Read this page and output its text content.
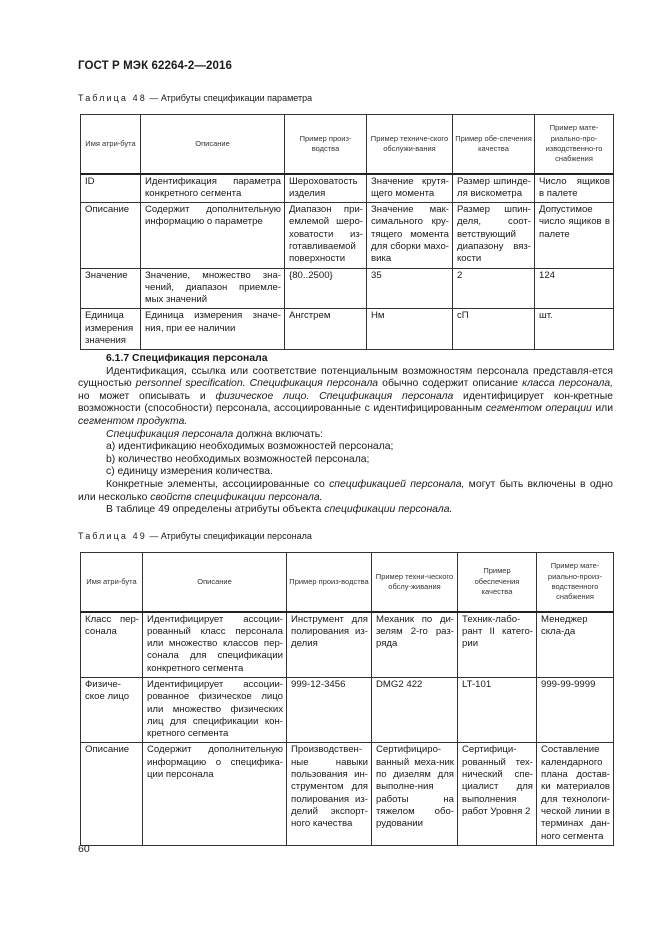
ГОСТ Р МЭК 62264-2—2016
Таблица 48 — Атрибуты спецификации параметра
Имя атри-бута	Описание	Пример произ-водства	Пример техниче-ского обслужи-вания	Пример обе-спечения качества	Пример мате-риально-про-изводственно-го снабжения
ID	Идентификация параметра конкретного сегмента	Шероховатость изделия	Значение крутя-щего момента	Размер шпинде-ля вискометра	Число ящиков в палете
Описание	Содержит дополнительную информацию о параметре	Диапазон при-емлемой шеро-ховатости из-готавливаемой поверхности	Значение мак-симального кру-тящего момента для сборки махо-вика	Размер шпин-деля, соот-ветствующий диапазону вяз-кости	Допустимое число ящиков в палете
Значение	Значение, множество зна-чений, диапазон приемле-мых значений	{80..2500}	35	2	124
Единица измерения значения	Единица измерения значе-ния, при ее наличии	Ангстрем	Нм	сП	шт.

6.1.7 Спецификация персонала

Идентификация, ссылка или соответствие потенциальным возможностям персонала представля-ется сущностью personnel specification. Спецификация персонала обычно содержит описание класса персонала, но может описывать и физическое лицо. Спецификация персонала идентифицирует кон-кретные возможности (способности) персонала, ассоциированные с идентифицированным сегментом операции или сегментом продукта.

Спецификация персонала должна включать:

a) идентификацию необходимых возможностей персонала;

b) количество необходимых возможностей персонала;

c) единицу измерения количества.

Конкретные элементы, ассоциированные со спецификацией персонала, могут быть включены в одно или несколько свойств спецификации персонала.

В таблице 49 определены атрибуты объекта спецификации персонала.

Таблица 49 — Атрибуты спецификации персонала
Имя атри-бута	Описание	Пример произ-водства	Пример техни-ческого обслу-живания	Пример обеспечения качества	Пример мате-риально-произ-водственного снабжения
Класс пер-сонала	Идентифицирует ассоции-рованный класс персонала или множество классов пер-сонала для спецификации конкретного сегмента	Инструмент для полирования из-делия	Механик по ди-зелям 2-го раз-ряда	Техник-лабо-рант II катего-рии	Менеджер скла-да
Физиче-ское лицо	Идентифицирует ассоции-рованное физическое лицо или множество физических лиц для спецификации кон-кретного сегмента	999-12-3456	DMG2 422	LT-101	999-99-9999
Описание	Содержит дополнительную информацию о специфика-ции персонала	Производствен-ные навыки пользования ин-струментом для полирования из-делий экспорт-ного качества	Сертифициро-ванный меха-ник по дизелям для выполне-ния работы на тяжелом обо-рудовании	Сертифици-рованный тех-нический спе-циалист для выполнения работ Уровня 2	Составление календарного плана достав-ки материалов для технологи-ческой линии в терминах дан-ного сегмента
60
